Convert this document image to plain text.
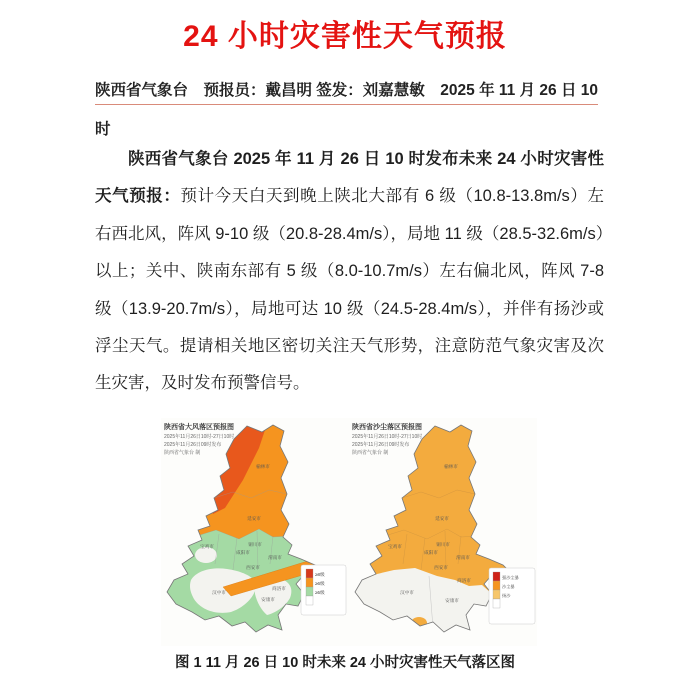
24 小时灾害性天气预报
陕西省气象台　预报员：戴昌明 签发：刘嘉慧敏　2025 年 11 月 26 日 10
时

陕西省气象台 2025 年 11 月 26 日 10 时发布未来 24 小时灾害性天气预报：预计今天白天到晚上陕北大部有 6 级（10.8-13.8m/s）左右西北风，阵风 9-10 级（20.8-28.4m/s），局地 11 级（28.5-32.6m/s）以上；关中、陕南东部有 5 级（8.0-10.7m/s）左右偏北风，阵风 7-8 级（13.9-20.7m/s），局地可达 10 级（24.5-28.4m/s），并伴有扬沙或浮尘天气。提请相关地区密切关注天气形势，注意防范气象灾害及次生灾害，及时发布预警信号。

榆林市
延安市
铜川市
渭南市
咸阳市
宝鸡市
西安市
商洛市
安康市
汉中市
陕西省大风落区预报图
2025年11月26日10时-27日10时
2025年11月26日09时发布
陕西省气象台 制
≥8级
≥6级
≥5级
榆林市
延安市
铜川市
渭南市
咸阳市
宝鸡市
西安市
商洛市
安康市
汉中市
陕西省沙尘落区预报图
2025年11月26日10时-27日10时
2025年11月26日09时发布
陕西省气象台 制
强沙尘暴
沙尘暴
扬沙
图 1 11 月 26 日 10 时未来 24 小时灾害性天气落区图
